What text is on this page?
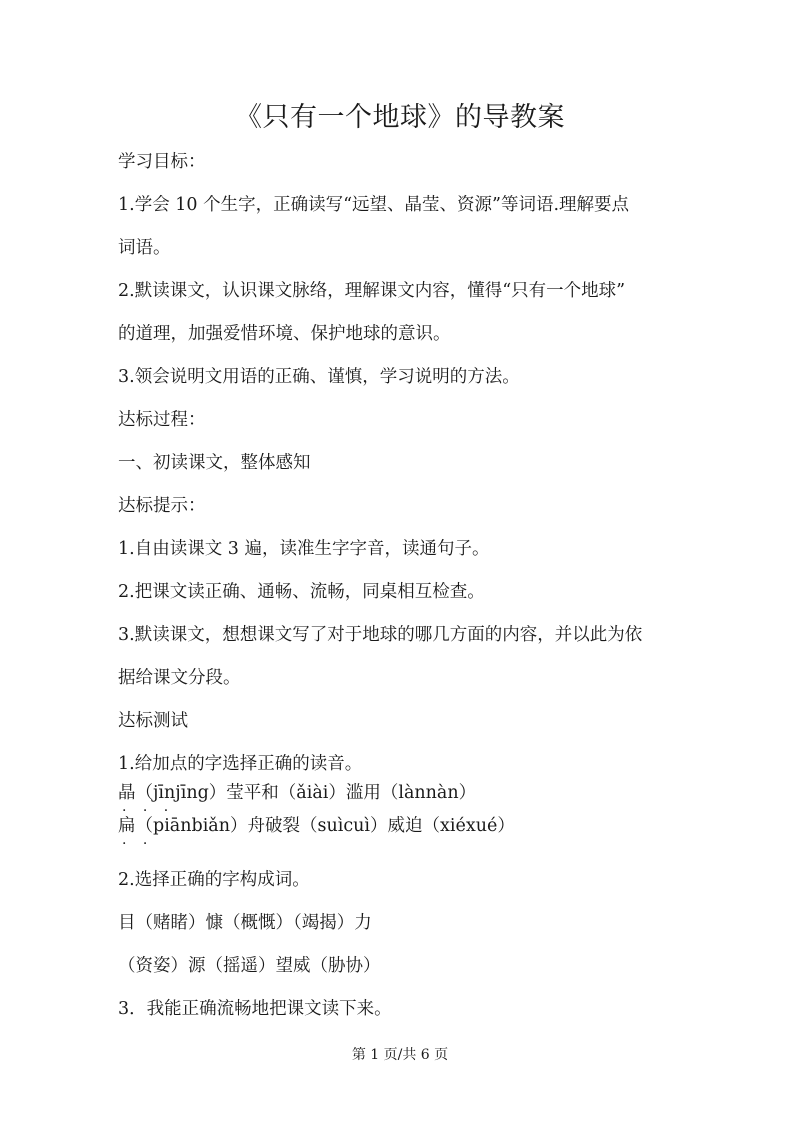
《只有一个地球》的导教案
学习目标：
1.学会 10 个生字，正确读写“远望、晶莹、资源”等词语.理解要点
词语。
2.默读课文，认识课文脉络，理解课文内容，懂得“只有一个地球”
的道理，加强爱惜环境、保护地球的意识。
3.领会说明文用语的正确、谨慎，学习说明的方法。
达标过程：
一、初读课文，整体感知
达标提示：
1.自由读课文 3 遍，读准生字字音，读通句子。
2.把课文读正确、通畅、流畅，同桌相互检查。
3.默读课文，想想课文写了对于地球的哪几方面的内容，并以此为依
据给课文分段。
达标测试
1.给加点的字选择正确的读音。
晶（jīnjīng）莹平和（ǎiài）滥用（lànnàn）
· · ·
扁（piānbiǎn）舟破裂（suìcuì）威迫（xiéxué）
· ·
2.选择正确的字构成词。
目（赌睹）慷（概慨）（竭揭）力
（资姿）源（摇遥）望威（胁协）
3．我能正确流畅地把课文读下来。
第 1 页/共 6 页
